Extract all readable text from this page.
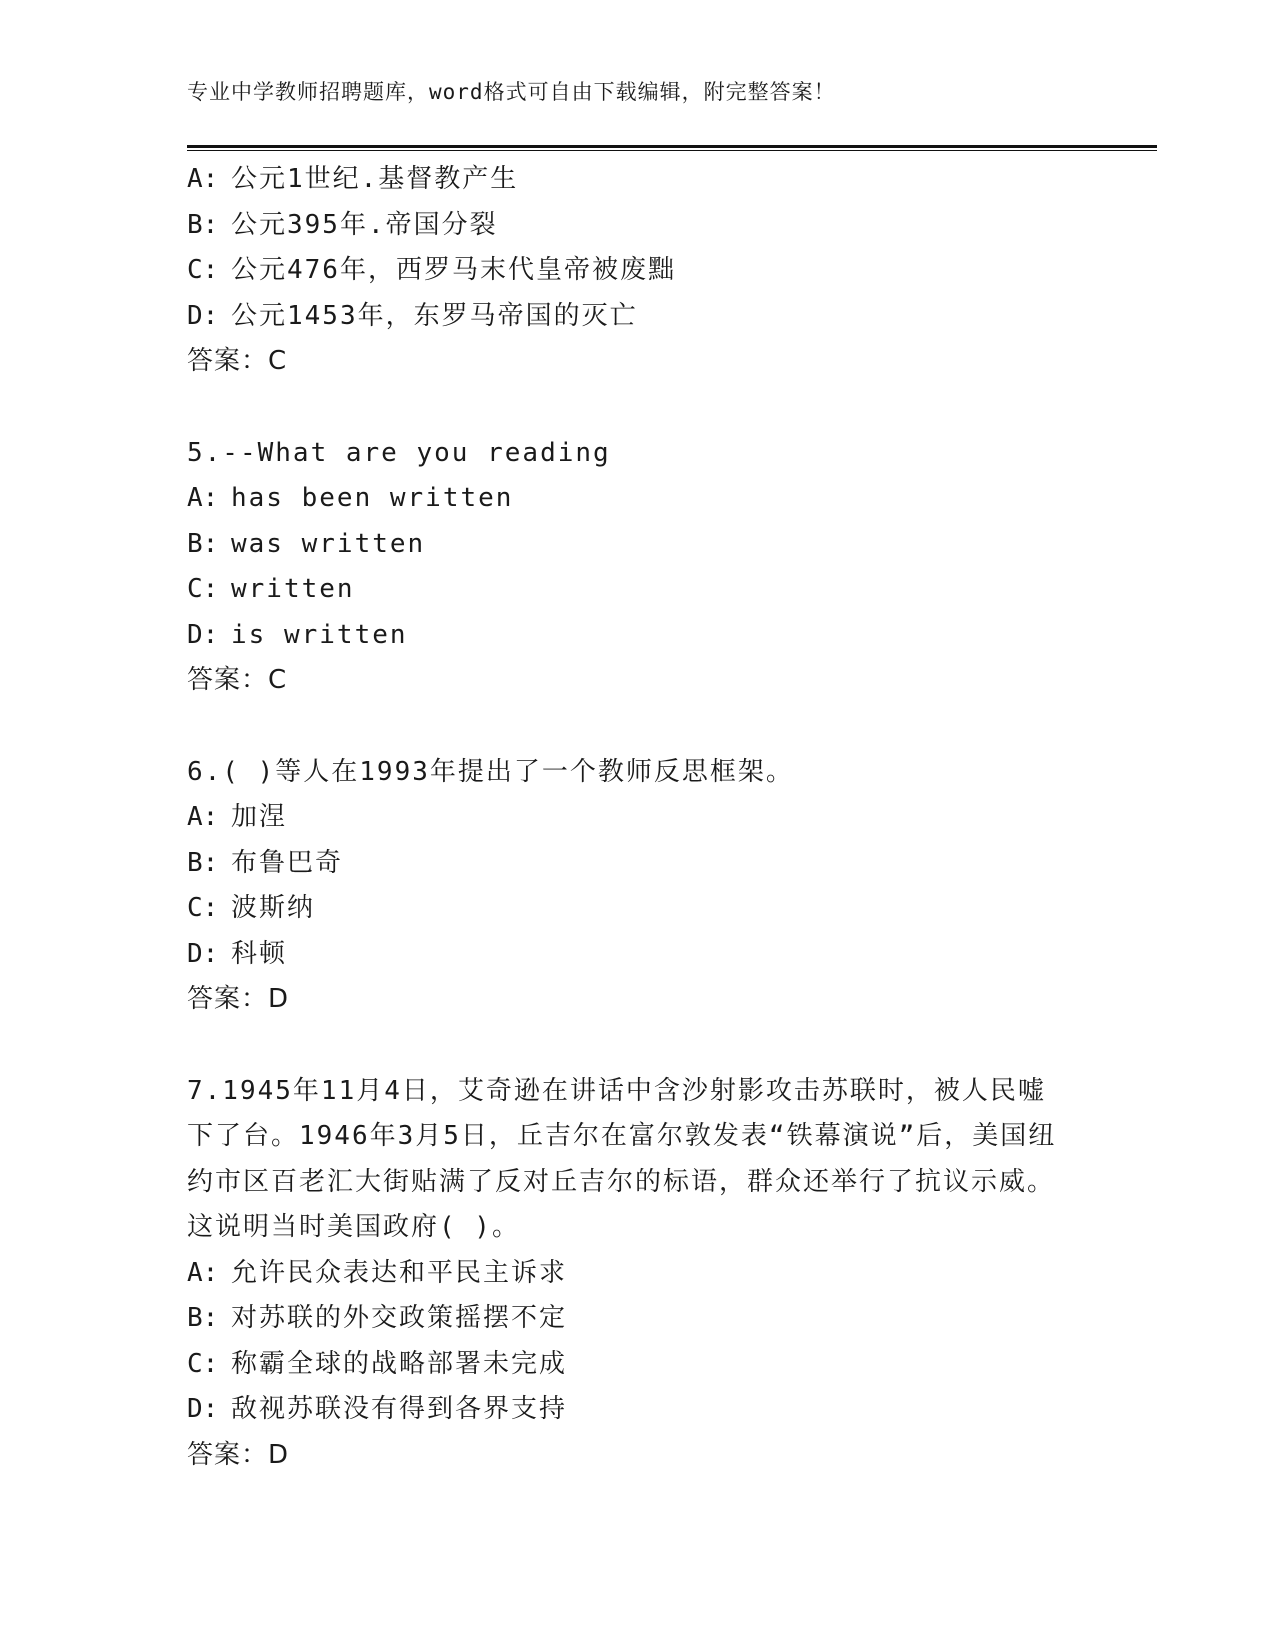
专业中学教师招聘题库，word格式可自由下载编辑，附完整答案！
A: 公元1世纪.基督教产生
B: 公元395年.帝国分裂
C: 公元476年，西罗马末代皇帝被废黜
D: 公元1453年，东罗马帝国的灭亡
答案：C
5.--What are you reading
A: has been written
B: was written
C: written
D: is written
答案：C
6.( )等人在1993年提出了一个教师反思框架。
A: 加涅
B: 布鲁巴奇
C: 波斯纳
D: 科顿
答案：D
7.1945年11月4日，艾奇逊在讲话中含沙射影攻击苏联时，被人民嘘下了台。1946年3月5日，丘吉尔在富尔敦发表“铁幕演说”后，美国纽约市区百老汇大街贴满了反对丘吉尔的标语，群众还举行了抗议示威。这说明当时美国政府( )。
A: 允许民众表达和平民主诉求
B: 对苏联的外交政策摇摆不定
C: 称霸全球的战略部署未完成
D: 敌视苏联没有得到各界支持
答案：D
